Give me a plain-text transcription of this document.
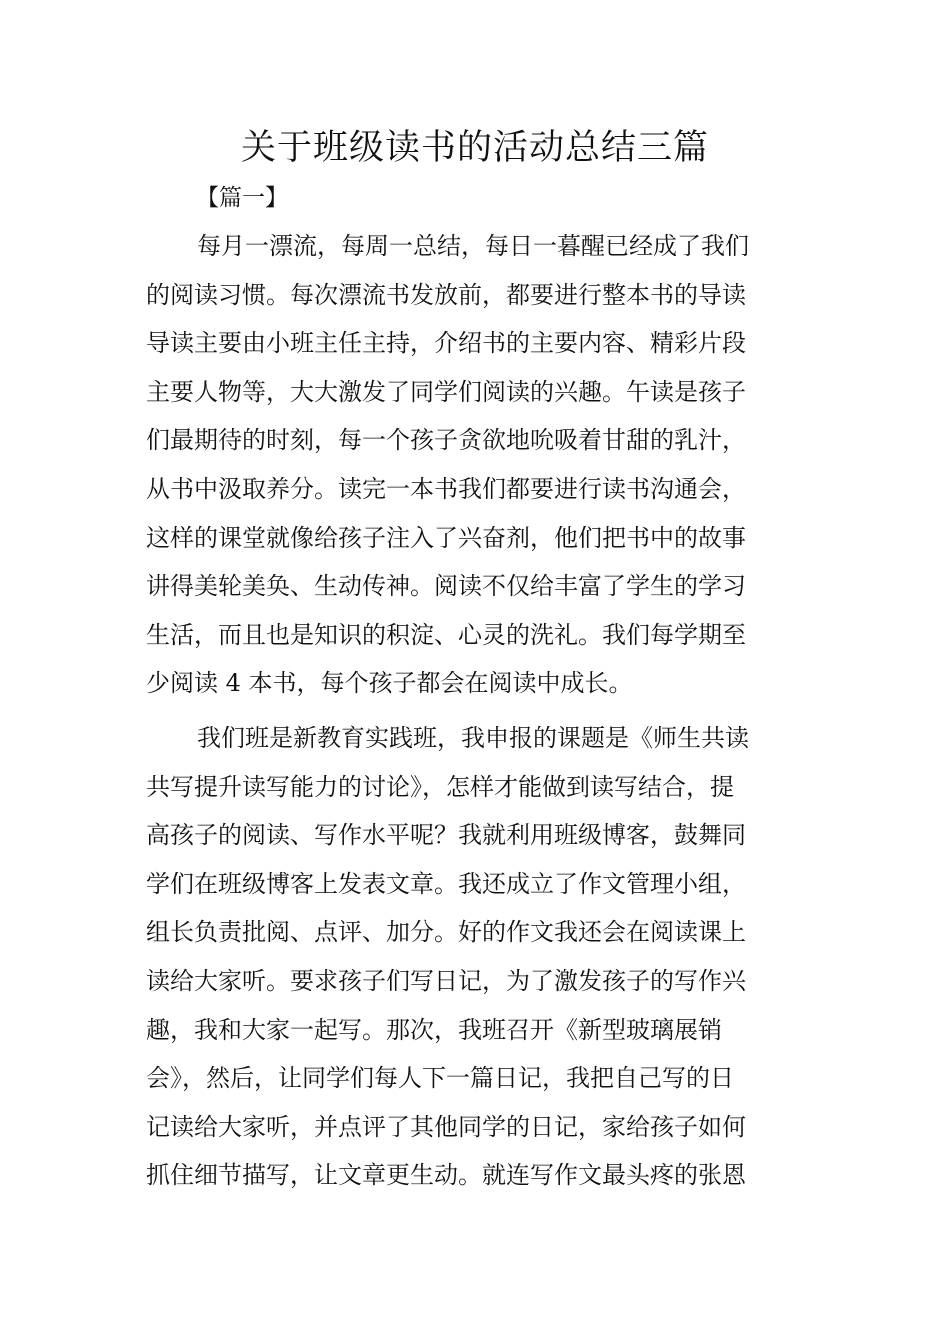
关于班级读书的活动总结三篇
【篇一】
每月一漂流，每周一总结，每日一暮醒已经成了我们
的阅读习惯。每次漂流书发放前，都要进行整本书的导读
导读主要由小班主任主持，介绍书的主要内容、精彩片段
主要人物等，大大激发了同学们阅读的兴趣。午读是孩子
们最期待的时刻，每一个孩子贪欲地吮吸着甘甜的乳汁，
从书中汲取养分。读完一本书我们都要进行读书沟通会，
这样的课堂就像给孩子注入了兴奋剂，他们把书中的故事
讲得美轮美奂、生动传神。阅读不仅给丰富了学生的学习
生活，而且也是知识的积淀、心灵的洗礼。我们每学期至
少阅读 4 本书，每个孩子都会在阅读中成长。
我们班是新教育实践班，我申报的课题是《师生共读
共写提升读写能力的讨论》，怎样才能做到读写结合，提
高孩子的阅读、写作水平呢？我就利用班级博客，鼓舞同
学们在班级博客上发表文章。我还成立了作文管理小组，
组长负责批阅、点评、加分。好的作文我还会在阅读课上
读给大家听。要求孩子们写日记，为了激发孩子的写作兴
趣，我和大家一起写。那次，我班召开《新型玻璃展销
会》，然后，让同学们每人下一篇日记，我把自己写的日
记读给大家听，并点评了其他同学的日记，家给孩子如何
抓住细节描写，让文章更生动。就连写作文最头疼的张恩
